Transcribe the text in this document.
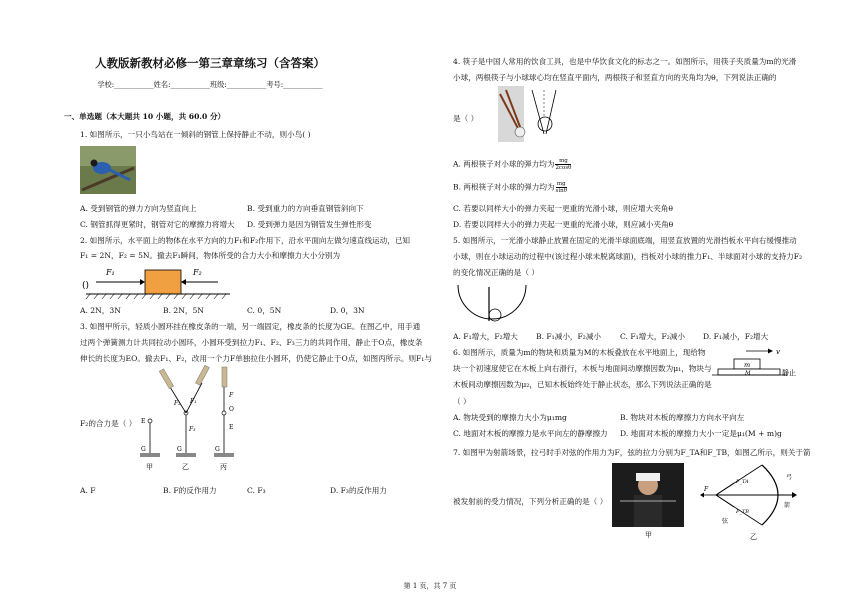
人教版新教材必修一第三章章练习（含答案）
学校:___________姓名:___________班级:___________考号:___________
一、单选题（本大题共 10 小题，共 60.0 分）
1. 如图所示，一只小鸟站在一倾斜的钢管上保持静止不动，则小鸟( )
A. 受到钢管的弹力方向为竖直向上	B. 受到重力的方向垂直钢管斜向下
C. 钢管抓得更紧时，钢管对它的摩擦力将增大 D. 受到弹力是因为钢管发生弹性形变
2. 如图所示，水平面上的物体在水平方向的力F₁和F₂作用下，沿水平面向左做匀速直线运动，已知
F₁ = 2N，F₂ = 5N。撤去F₁瞬间，物体所受的合力大小和摩擦力大小分别为
()
F₁	F₂
A. 2N，3N	B. 2N，5N	C. 0，5N	D. 0，3N
3. 如图甲所示，轻质小圆环挂在橡皮条的一端，另一端固定，橡皮条的长度为GE。在图乙中，用手通
过两个弹簧测力计共同拉动小圆环，小圆环受到拉力F₁、F₂、F₃三力的共同作用，静止于O点，橡皮条
伸长的长度为EO。撤去F₁、F₂，改用一个力F单独拉住小圆环，仍使它静止于O点，如图丙所示。则F₁与
G
E
甲
F₂ F₁
F₃
G
乙
O
F
E
G
丙
F₂的合力是（ ）
A. F	B. F的反作用力	C. F₃	D. F₃的反作用力
4. 筷子是中国人常用的饮食工具，也是中华饮食文化的标志之一。如图所示，用筷子夹质量为m的光滑
小球，两根筷子与小球球心均在竖直平面内，两根筷子和竖直方向的夹角均为θ，下列说法正确的
是（ ）
A. 两根筷子对小球的弹力均为 $\frac{mg}{2\cos\theta}$
B. 两根筷子对小球的弹力均为 $\frac{mg}{\sin\theta}$
C. 若要以同样大小的弹力夹起一更重的光滑小球，则应增大夹角θ
D. 若要以同样大小的弹力夹起一更重的光滑小球，则应减小夹角θ
5. 如图所示，一光滑小球静止放置在固定的光滑半球面底端，用竖直放置的光滑挡板水平向右缓慢推动
小球，则在小球运动的过程中(该过程小球未脱离球面)，挡板对小球的推力F₁、半球面对小球的支持力F₂
的变化情况正确的是（ ）
A. F₁增大，F₂增大 B. F₁减小，F₂减小 C. F₁增大，F₂减小 D. F₁减小，F₂增大
6. 如图所示，质量为m的物块和质量为M的木板叠放在水平地面上，现给物
块一个初速度使它在木板上向右滑行，木板与地面间动摩擦因数为μ₁，物块与
木板间动摩擦因数为μ₂，已知木板始终处于静止状态，那么下列说法正确的是
（ ）
v
m
M	静止
A. 物块受到的摩擦力大小为μ₁mg	B. 物块对木板的摩擦力方向水平向左
C. 地面对木板的摩擦力是水平向左的静摩擦力 D. 地面对木板的摩擦力大小一定是μ₁(M + m)g
7. 如图甲为射箭场景，拉弓时手对弦的作用力为F，弦的拉力分别为F_TA和F_TB，如图乙所示，则关于箭
被发射前的受力情况，下列分析正确的是（ ）
甲
F
F_TA
F_TB
弓
弦
箭
乙
第 1 页，共 7 页
